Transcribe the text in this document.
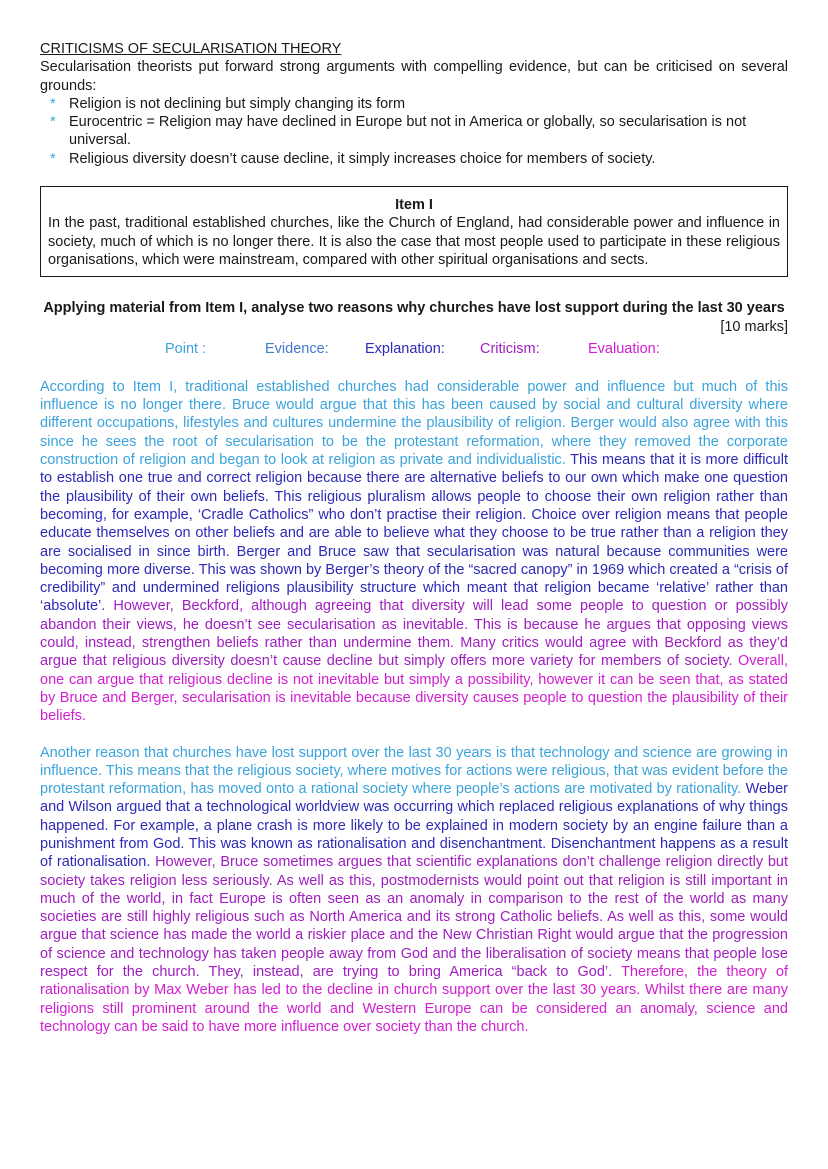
CRITICISMS OF SECULARISATION THEORY
Secularisation theorists put forward strong arguments with compelling evidence, but can be criticised on several grounds:
* Religion is not declining but simply changing its form
* Eurocentric = Religion may have declined in Europe but not in America or globally, so secularisation is not universal.
* Religious diversity doesn’t cause decline, it simply increases choice for members of society.
Item I
In the past, traditional established churches, like the Church of England, had considerable power and influence in society, much of which is no longer there. It is also the case that most people used to participate in these religious organisations, which were mainstream, compared with other spiritual organisations and sects.
Applying material from Item I, analyse two reasons why churches have lost support during the last 30 years
[10 marks]
Point :	Evidence:	Explanation: Criticism:	Evaluation:

According to Item I, traditional established churches had considerable power and influence but much of this influence is no longer there. Bruce would argue that this has been caused by social and cultural diversity where different occupations, lifestyles and cultures undermine the plausibility of religion. Berger would also agree with this since he sees the root of secularisation to be the protestant reformation, where they removed the corporate construction of religion and began to look at religion as private and individualistic. This means that it is more difficult to establish one true and correct religion because there are alternative beliefs to our own which make one question the plausibility of their own beliefs. This religious pluralism allows people to choose their own religion rather than becoming, for example, ‘Cradle Catholics” who don’t practise their religion. Choice over religion means that people educate themselves on other beliefs and are able to believe what they choose to be true rather than a religion they are socialised in since birth. Berger and Bruce saw that secularisation was natural because communities were becoming more diverse. This was shown by Berger’s theory of the “sacred canopy” in 1969 which created a “crisis of credibility” and undermined religions plausibility structure which meant that religion became ‘relative’ rather than ‘absolute’. However, Beckford, although agreeing that diversity will lead some people to question or possibly abandon their views, he doesn’t see secularisation as inevitable. This is because he argues that opposing views could, instead, strengthen beliefs rather than undermine them. Many critics would agree with Beckford as they’d argue that religious diversity doesn’t cause decline but simply offers more variety for members of society. Overall, one can argue that religious decline is not inevitable but simply a possibility, however it can be seen that, as stated by Bruce and Berger, secularisation is inevitable because diversity causes people to question the plausibility of their beliefs.

Another reason that churches have lost support over the last 30 years is that technology and science are growing in influence. This means that the religious society, where motives for actions were religious, that was evident before the protestant reformation, has moved onto a rational society where people’s actions are motivated by rationality. Weber and Wilson argued that a technological worldview was occurring which replaced religious explanations of why things happened. For example, a plane crash is more likely to be explained in modern society by an engine failure than a punishment from God. This was known as rationalisation and disenchantment. Disenchantment happens as a result of rationalisation. However, Bruce sometimes argues that scientific explanations don’t challenge religion directly but society takes religion less seriously. As well as this, postmodernists would point out that religion is still important in much of the world, in fact Europe is often seen as an anomaly in comparison to the rest of the world as many societies are still highly religious such as North America and its strong Catholic beliefs. As well as this, some would argue that science has made the world a riskier place and the New Christian Right would argue that the progression of science and technology has taken people away from God and the liberalisation of society means that people lose respect for the church. They, instead, are trying to bring America “back to God’. Therefore, the theory of rationalisation by Max Weber has led to the decline in church support over the last 30 years. Whilst there are many religions still prominent around the world and Western Europe can be considered an anomaly, science and technology can be said to have more influence over society than the church.
